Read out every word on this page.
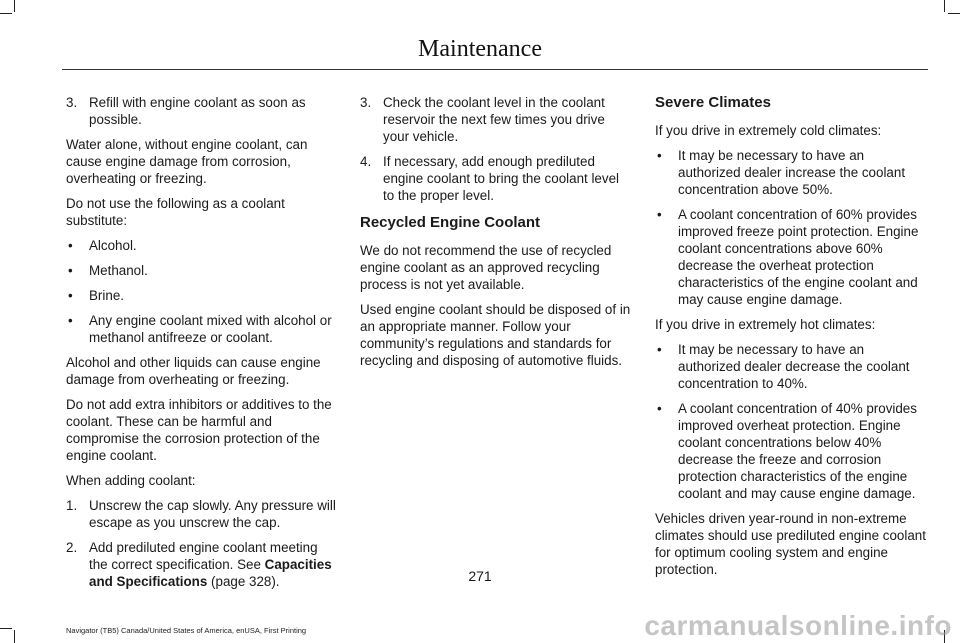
Maintenance
3. Refill with engine coolant as soon as possible.

Water alone, without engine coolant, can cause engine damage from corrosion, overheating or freezing.

Do not use the following as a coolant substitute:

• Alcohol.
• Methanol.
• Brine.
• Any engine coolant mixed with alcohol or methanol antifreeze or coolant.

Alcohol and other liquids can cause engine damage from overheating or freezing.

Do not add extra inhibitors or additives to the coolant. These can be harmful and compromise the corrosion protection of the engine coolant.

When adding coolant:

1. Unscrew the cap slowly. Any pressure will escape as you unscrew the cap.
2. Add prediluted engine coolant meeting the correct specification. See Capacities and Specifications (page 328).
3. Check the coolant level in the coolant reservoir the next few times you drive your vehicle.
4. If necessary, add enough prediluted engine coolant to bring the coolant level to the proper level.
Recycled Engine Coolant

We do not recommend the use of recycled engine coolant as an approved recycling process is not yet available.

Used engine coolant should be disposed of in an appropriate manner. Follow your community’s regulations and standards for recycling and disposing of automotive fluids.

Severe Climates

If you drive in extremely cold climates:

• It may be necessary to have an authorized dealer increase the coolant concentration above 50%.
• A coolant concentration of 60% provides improved freeze point protection. Engine coolant concentrations above 60% decrease the overheat protection characteristics of the engine coolant and may cause engine damage.

If you drive in extremely hot climates:

• It may be necessary to have an authorized dealer decrease the coolant concentration to 40%.
• A coolant concentration of 40% provides improved overheat protection. Engine coolant concentrations below 40% decrease the freeze and corrosion protection characteristics of the engine coolant and may cause engine damage.

Vehicles driven year-round in non-extreme climates should use prediluted engine coolant for optimum cooling system and engine protection.

271
Navigator (TB5) Canada/United States of America, enUSA, First Printing	carmanualsonline.info
